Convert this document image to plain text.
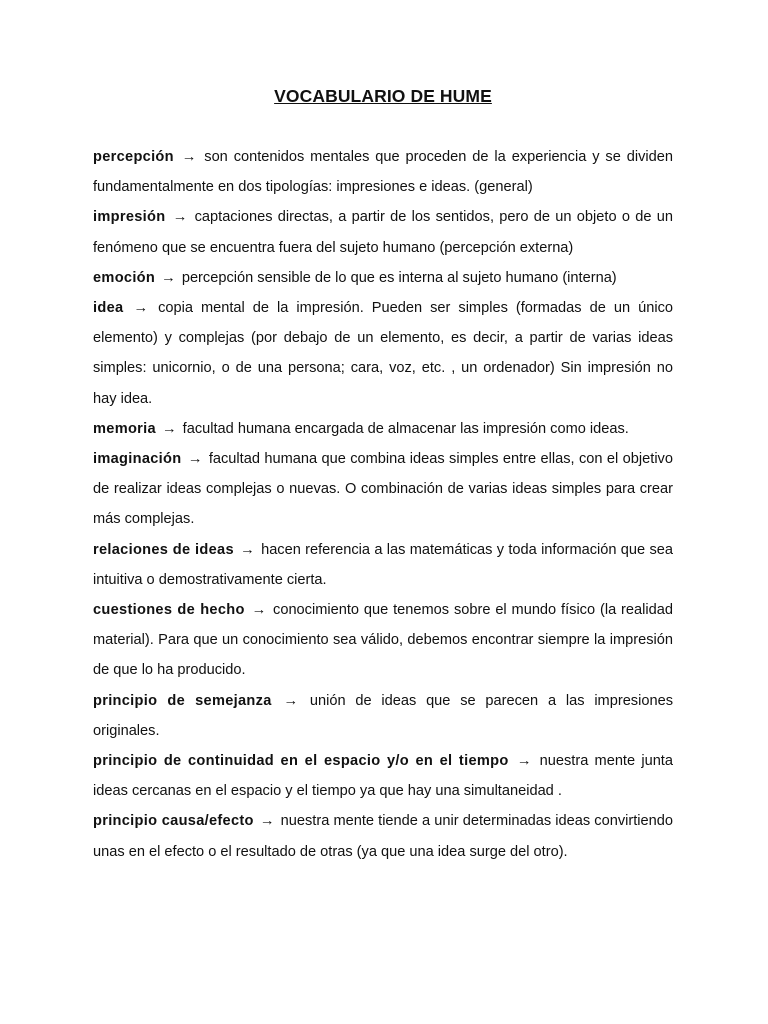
VOCABULARIO DE HUME

percepción → son contenidos mentales que proceden de la experiencia y se dividen fundamentalmente en dos tipologías: impresiones e ideas. (general)

impresión → captaciones directas, a partir de los sentidos, pero de un objeto o de un fenómeno que se encuentra fuera del sujeto humano (percepción externa)

emoción → percepción sensible de lo que es interna al sujeto humano (interna)

idea → copia mental de la impresión. Pueden ser simples (formadas de un único elemento) y complejas (por debajo de un elemento, es decir, a partir de varias ideas simples: unicornio, o de una persona; cara, voz, etc. , un ordenador) Sin impresión no hay idea.

memoria → facultad humana encargada de almacenar las impresión como ideas.

imaginación → facultad humana que combina ideas simples entre ellas, con el objetivo de realizar ideas complejas o nuevas. O combinación de varias ideas simples para crear más complejas.

relaciones de ideas → hacen referencia a las matemáticas y toda información que sea intuitiva o demostrativamente cierta.

cuestiones de hecho → conocimiento que tenemos sobre el mundo físico (la realidad material). Para que un conocimiento sea válido, debemos encontrar siempre la impresión de que lo ha producido.

principio de semejanza → unión de ideas que se parecen a las impresiones originales.

principio de continuidad en el espacio y/o en el tiempo → nuestra mente junta ideas cercanas en el espacio y el tiempo ya que hay una simultaneidad .

principio causa/efecto → nuestra mente tiende a unir determinadas ideas convirtiendo unas en el efecto o el resultado de otras (ya que una idea surge del otro).
